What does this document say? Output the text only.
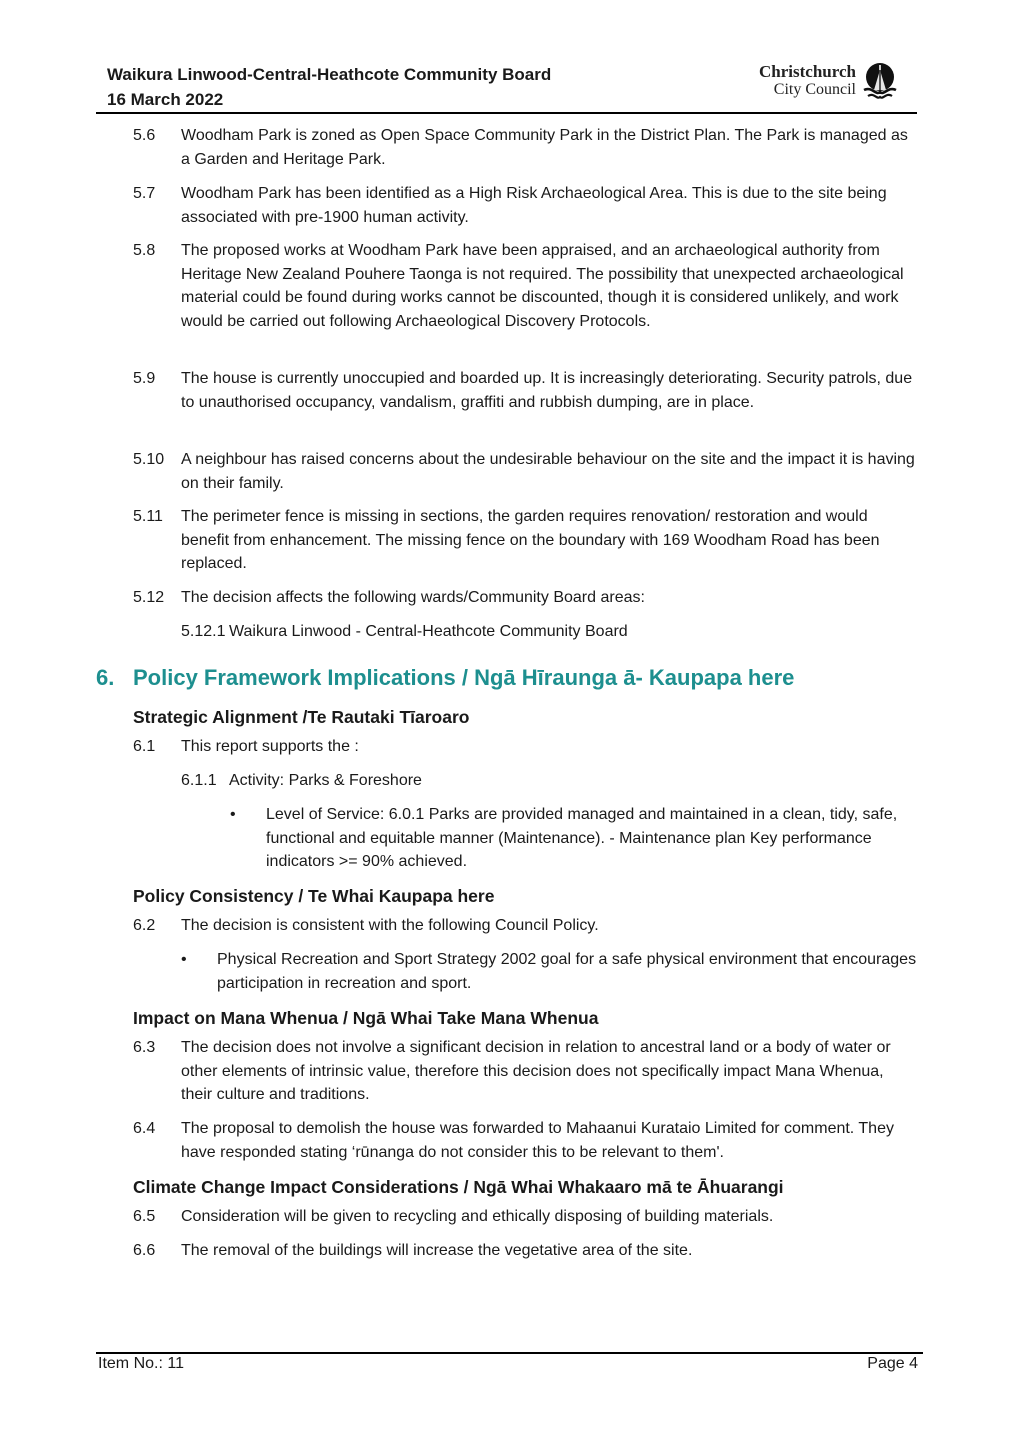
Waikura Linwood-Central-Heathcote Community Board
16 March 2022
Christchurch
City Council
5.6	Woodham Park is zoned as Open Space Community Park in the District Plan. The Park is managed as a Garden and Heritage Park.
5.7	Woodham Park has been identified as a High Risk Archaeological Area. This is due to the site being associated with pre-1900 human activity.
5.8	The proposed works at Woodham Park have been appraised, and an archaeological authority from Heritage New Zealand Pouhere Taonga is not required. The possibility that unexpected archaeological material could be found during works cannot be discounted, though it is considered unlikely, and work would be carried out following Archaeological Discovery Protocols.
5.9	The house is currently unoccupied and boarded up. It is increasingly deteriorating. Security patrols, due to unauthorised occupancy, vandalism, graffiti and rubbish dumping, are in place.
5.10	A neighbour has raised concerns about the undesirable behaviour on the site and the impact it is having on their family.
5.11	The perimeter fence is missing in sections, the garden requires renovation/ restoration and would benefit from enhancement. The missing fence on the boundary with 169 Woodham Road has been replaced.
5.12	The decision affects the following wards/Community Board areas:
5.12.1 Waikura Linwood - Central-Heathcote Community Board
6. Policy Framework Implications / Ngā Hīraunga ā- Kaupapa here
Strategic Alignment /Te Rautaki Tīaroaro
6.1	This report supports the :
6.1.1 Activity: Parks & Foreshore
•	Level of Service: 6.0.1 Parks are provided managed and maintained in a clean, tidy, safe, functional and equitable manner (Maintenance). - Maintenance plan Key performance indicators >= 90% achieved.
Policy Consistency / Te Whai Kaupapa here
6.2	The decision is consistent with the following Council Policy.
•	Physical Recreation and Sport Strategy 2002 goal for a safe physical environment that encourages participation in recreation and sport.
Impact on Mana Whenua / Ngā Whai Take Mana Whenua
6.3	The decision does not involve a significant decision in relation to ancestral land or a body of water or other elements of intrinsic value, therefore this decision does not specifically impact Mana Whenua, their culture and traditions.
6.4	The proposal to demolish the house was forwarded to Mahaanui Kurataio Limited for comment. They have responded stating ‘rūnanga do not consider this to be relevant to them'.
Climate Change Impact Considerations / Ngā Whai Whakaaro mā te Āhuarangi
6.5	Consideration will be given to recycling and ethically disposing of building materials.
6.6	The removal of the buildings will increase the vegetative area of the site.
Item No.: 11	Page 4
